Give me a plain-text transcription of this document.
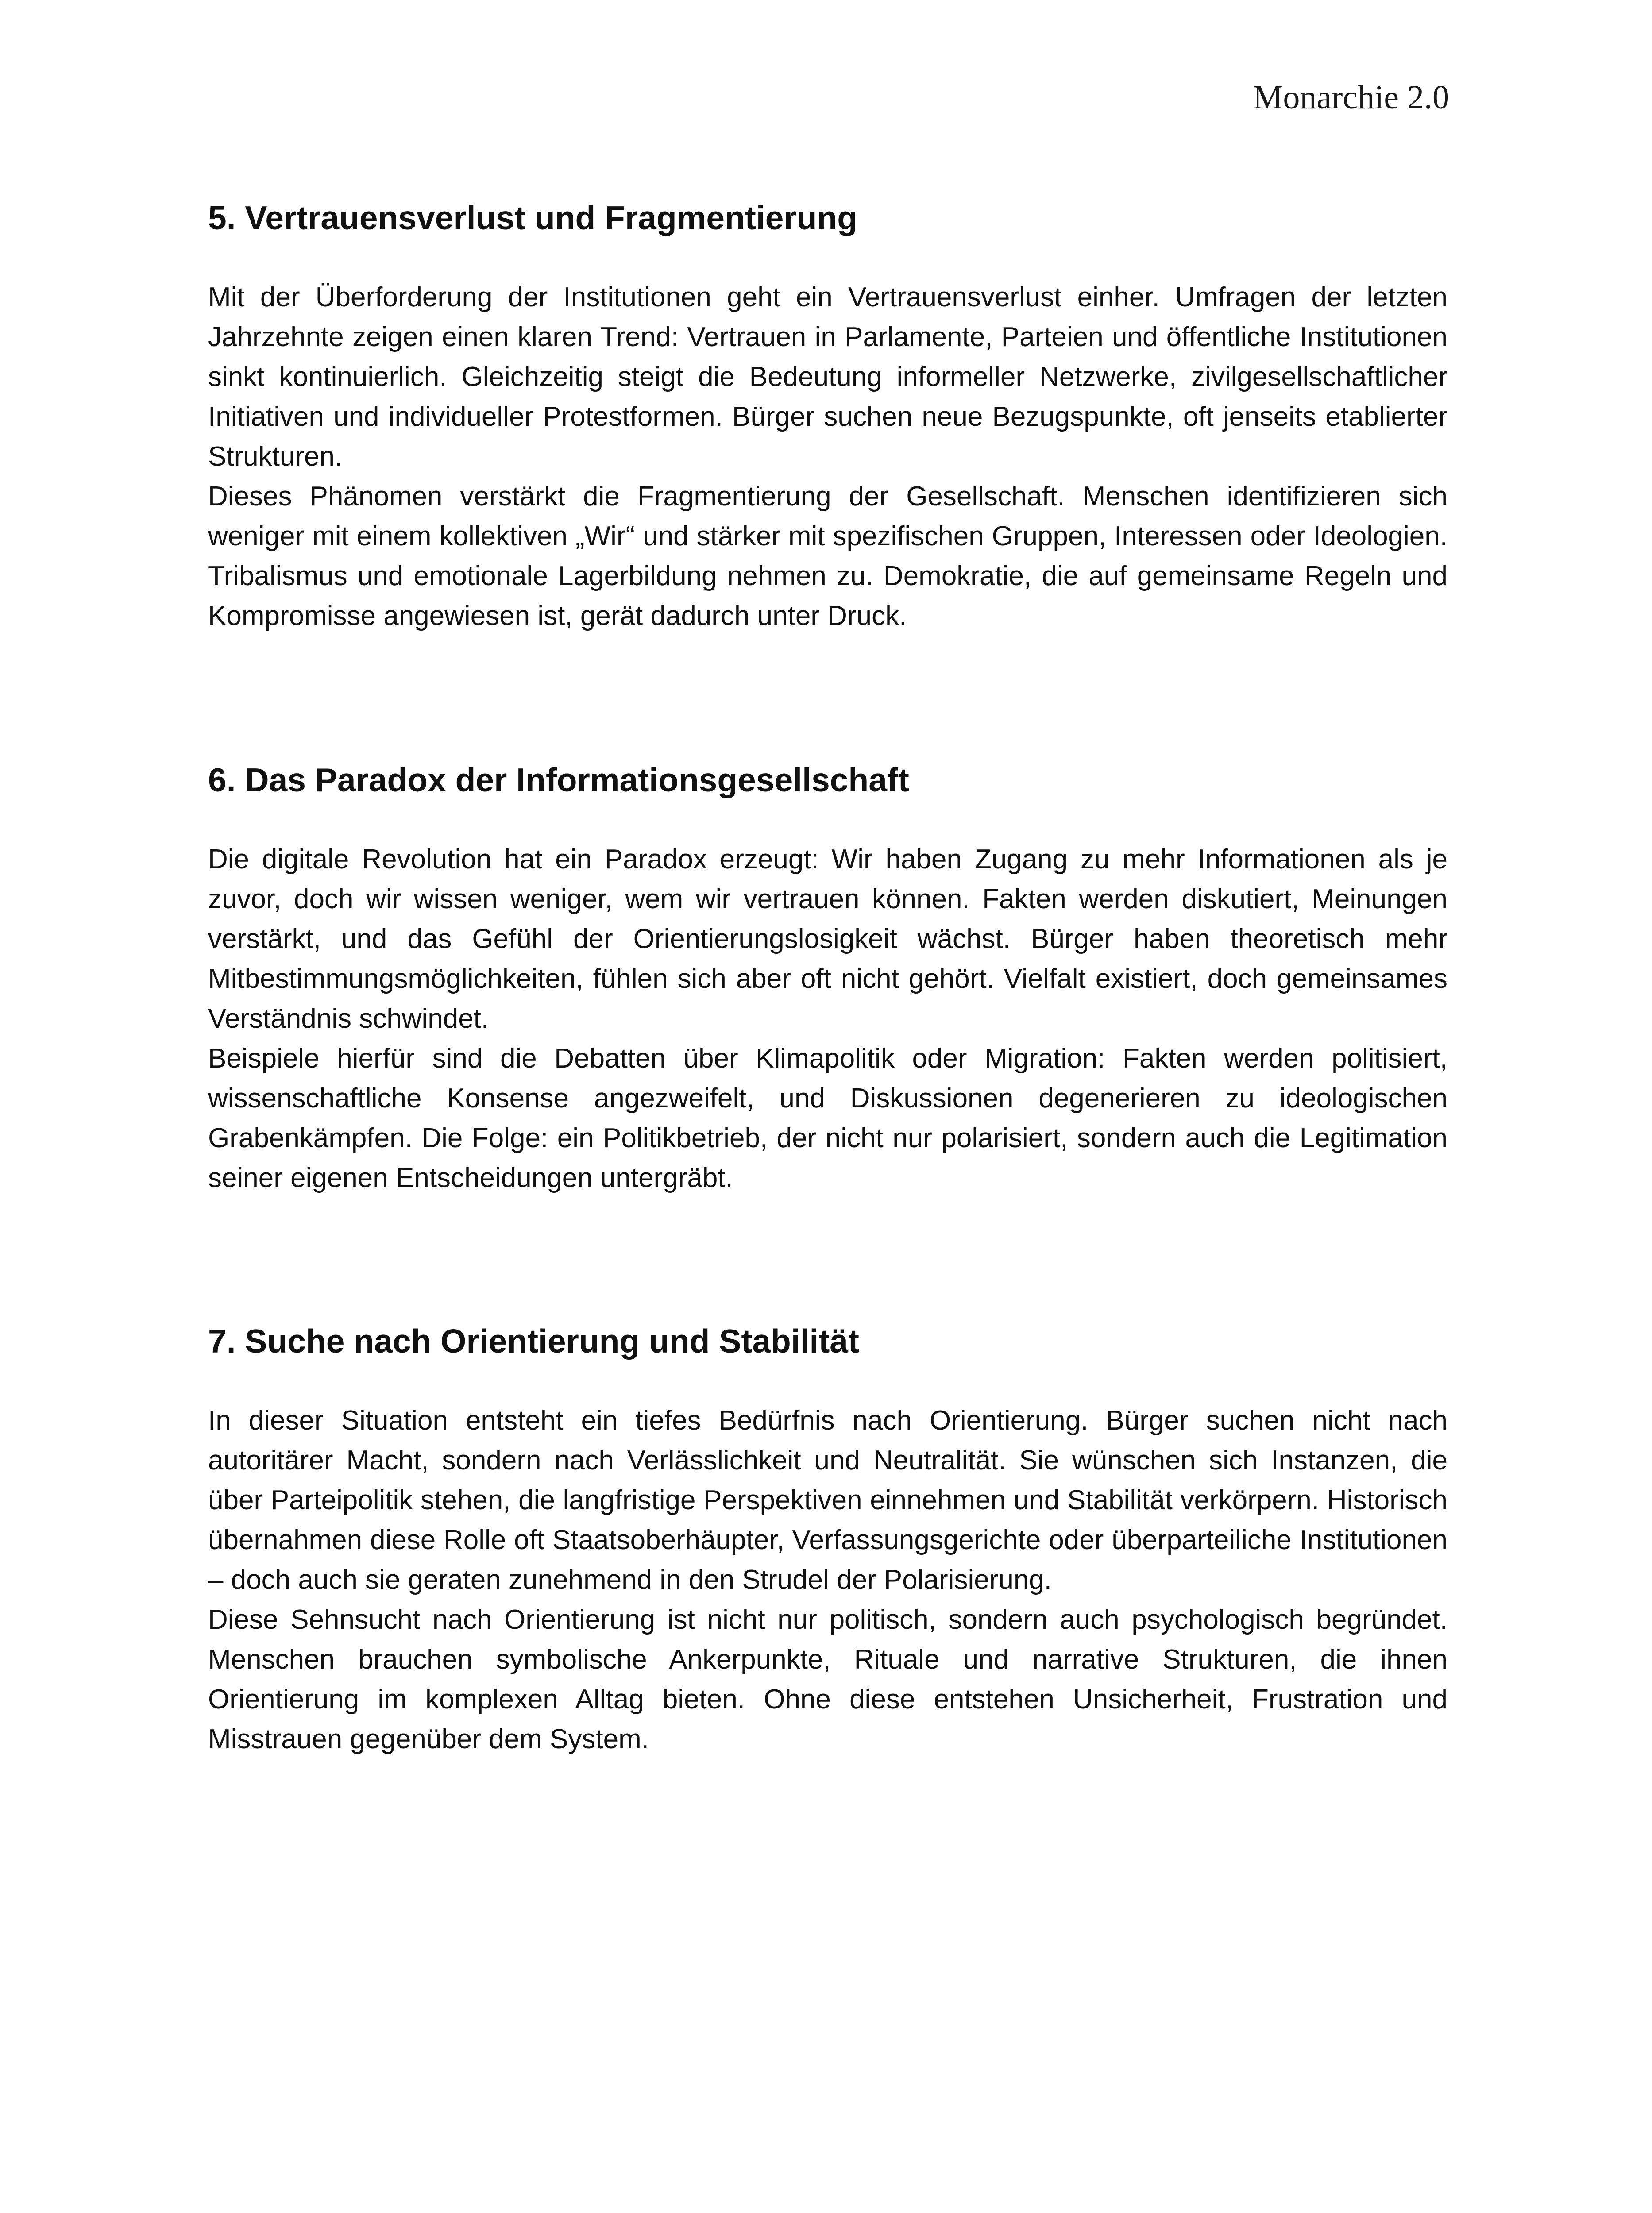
Monarchie 2.0
5. Vertrauensverlust und Fragmentierung

Mit der Überforderung der Institutionen geht ein Vertrauensverlust einher. Umfragen der letzten Jahrzehnte zeigen einen klaren Trend: Vertrauen in Parlamente, Parteien und öffentliche Institutionen sinkt kontinuierlich. Gleichzeitig steigt die Bedeutung informeller Netzwerke, zivilgesellschaftlicher Initiativen und individueller Protestformen. Bürger suchen neue Bezugspunkte, oft jenseits etablierter Strukturen.

Dieses Phänomen verstärkt die Fragmentierung der Gesellschaft. Menschen identifizieren sich weniger mit einem kollektiven „Wir“ und stärker mit spezifischen Gruppen, Interessen oder Ideologien. Tribalismus und emotionale Lagerbildung nehmen zu. Demokratie, die auf gemeinsame Regeln und Kompromisse angewiesen ist, gerät dadurch unter Druck.

6. Das Paradox der Informationsgesellschaft

Die digitale Revolution hat ein Paradox erzeugt: Wir haben Zugang zu mehr Informationen als je zuvor, doch wir wissen weniger, wem wir vertrauen können. Fakten werden diskutiert, Meinungen verstärkt, und das Gefühl der Orientierungslosigkeit wächst. Bürger haben theoretisch mehr Mitbestimmungsmöglichkeiten, fühlen sich aber oft nicht gehört. Vielfalt existiert, doch gemeinsames Verständnis schwindet.

Beispiele hierfür sind die Debatten über Klimapolitik oder Migration: Fakten werden politisiert, wissenschaftliche Konsense angezweifelt, und Diskussionen degenerieren zu ideologischen Grabenkämpfen. Die Folge: ein Politikbetrieb, der nicht nur polarisiert, sondern auch die Legitimation seiner eigenen Entscheidungen untergräbt.

7. Suche nach Orientierung und Stabilität

In dieser Situation entsteht ein tiefes Bedürfnis nach Orientierung. Bürger suchen nicht nach autoritärer Macht, sondern nach Verlässlichkeit und Neutralität. Sie wünschen sich Instanzen, die über Parteipolitik stehen, die langfristige Perspektiven einnehmen und Stabilität verkörpern. Historisch übernahmen diese Rolle oft Staatsoberhäupter, Verfassungsgerichte oder überparteiliche Institutionen – doch auch sie geraten zunehmend in den Strudel der Polarisierung.

Diese Sehnsucht nach Orientierung ist nicht nur politisch, sondern auch psychologisch begründet. Menschen brauchen symbolische Ankerpunkte, Rituale und narrative Strukturen, die ihnen Orientierung im komplexen Alltag bieten. Ohne diese entstehen Unsicherheit, Frustration und Misstrauen gegenüber dem System.
